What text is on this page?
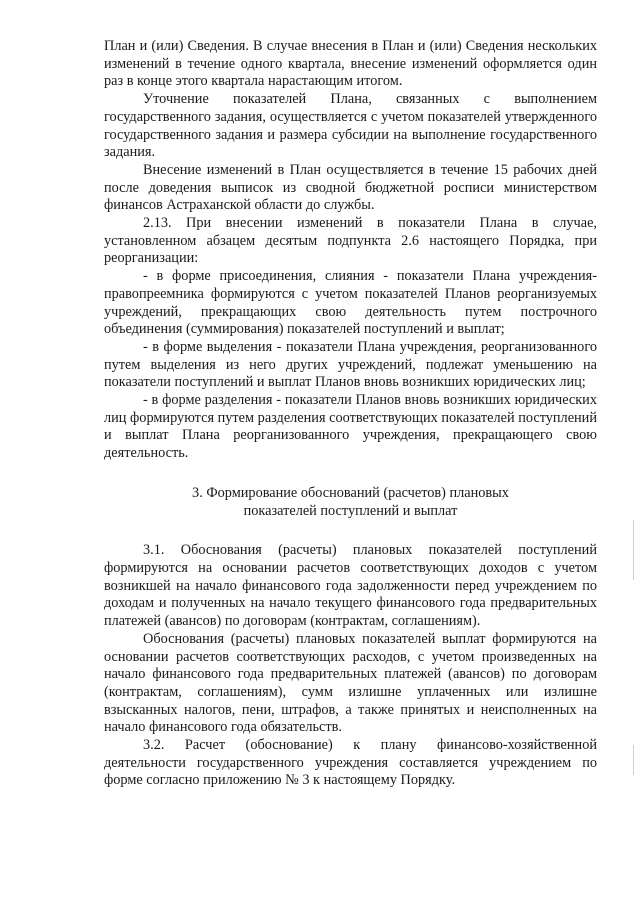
План и (или) Сведения. В случае внесения в План и (или) Сведения нескольких изменений в течение одного квартала, внесение изменений оформляется один раз в конце этого квартала нарастающим итогом.

Уточнение показателей Плана, связанных с выполнением государственного задания, осуществляется с учетом показателей утвержденного государственного задания и размера субсидии на выполнение государственного задания.

Внесение изменений в План осуществляется в течение 15 рабочих дней после доведения выписок из сводной бюджетной росписи министерством финансов Астраханской области до службы.

2.13. При внесении изменений в показатели Плана в случае, установленном абзацем десятым подпункта 2.6 настоящего Порядка, при реорганизации:

- в форме присоединения, слияния - показатели Плана учреждения-правопреемника формируются с учетом показателей Планов реорганизуемых учреждений, прекращающих свою деятельность путем построчного объединения (суммирования) показателей поступлений и выплат;

- в форме выделения - показатели Плана учреждения, реорганизованного путем выделения из него других учреждений, подлежат уменьшению на показатели поступлений и выплат Планов вновь возникших юридических лиц;

- в форме разделения - показатели Планов вновь возникших юридических лиц формируются путем разделения соответствующих показателей поступлений и выплат Плана реорганизованного учреждения, прекращающего свою деятельность.

3. Формирование обоснований (расчетов) плановых

показателей поступлений и выплат

3.1. Обоснования (расчеты) плановых показателей поступлений формируются на основании расчетов соответствующих доходов с учетом возникшей на начало финансового года задолженности перед учреждением по доходам и полученных на начало текущего финансового года предварительных платежей (авансов) по договорам (контрактам, соглашениям).

Обоснования (расчеты) плановых показателей выплат формируются на основании расчетов соответствующих расходов, с учетом произведенных на начало финансового года предварительных платежей (авансов) по договорам (контрактам, соглашениям), сумм излишне уплаченных или излишне взысканных налогов, пени, штрафов, а также принятых и неисполненных на начало финансового года обязательств.

3.2. Расчет (обоснование) к плану финансово-хозяйственной деятельности государственного учреждения составляется учреждением по форме согласно приложению № 3 к настоящему Порядку.
